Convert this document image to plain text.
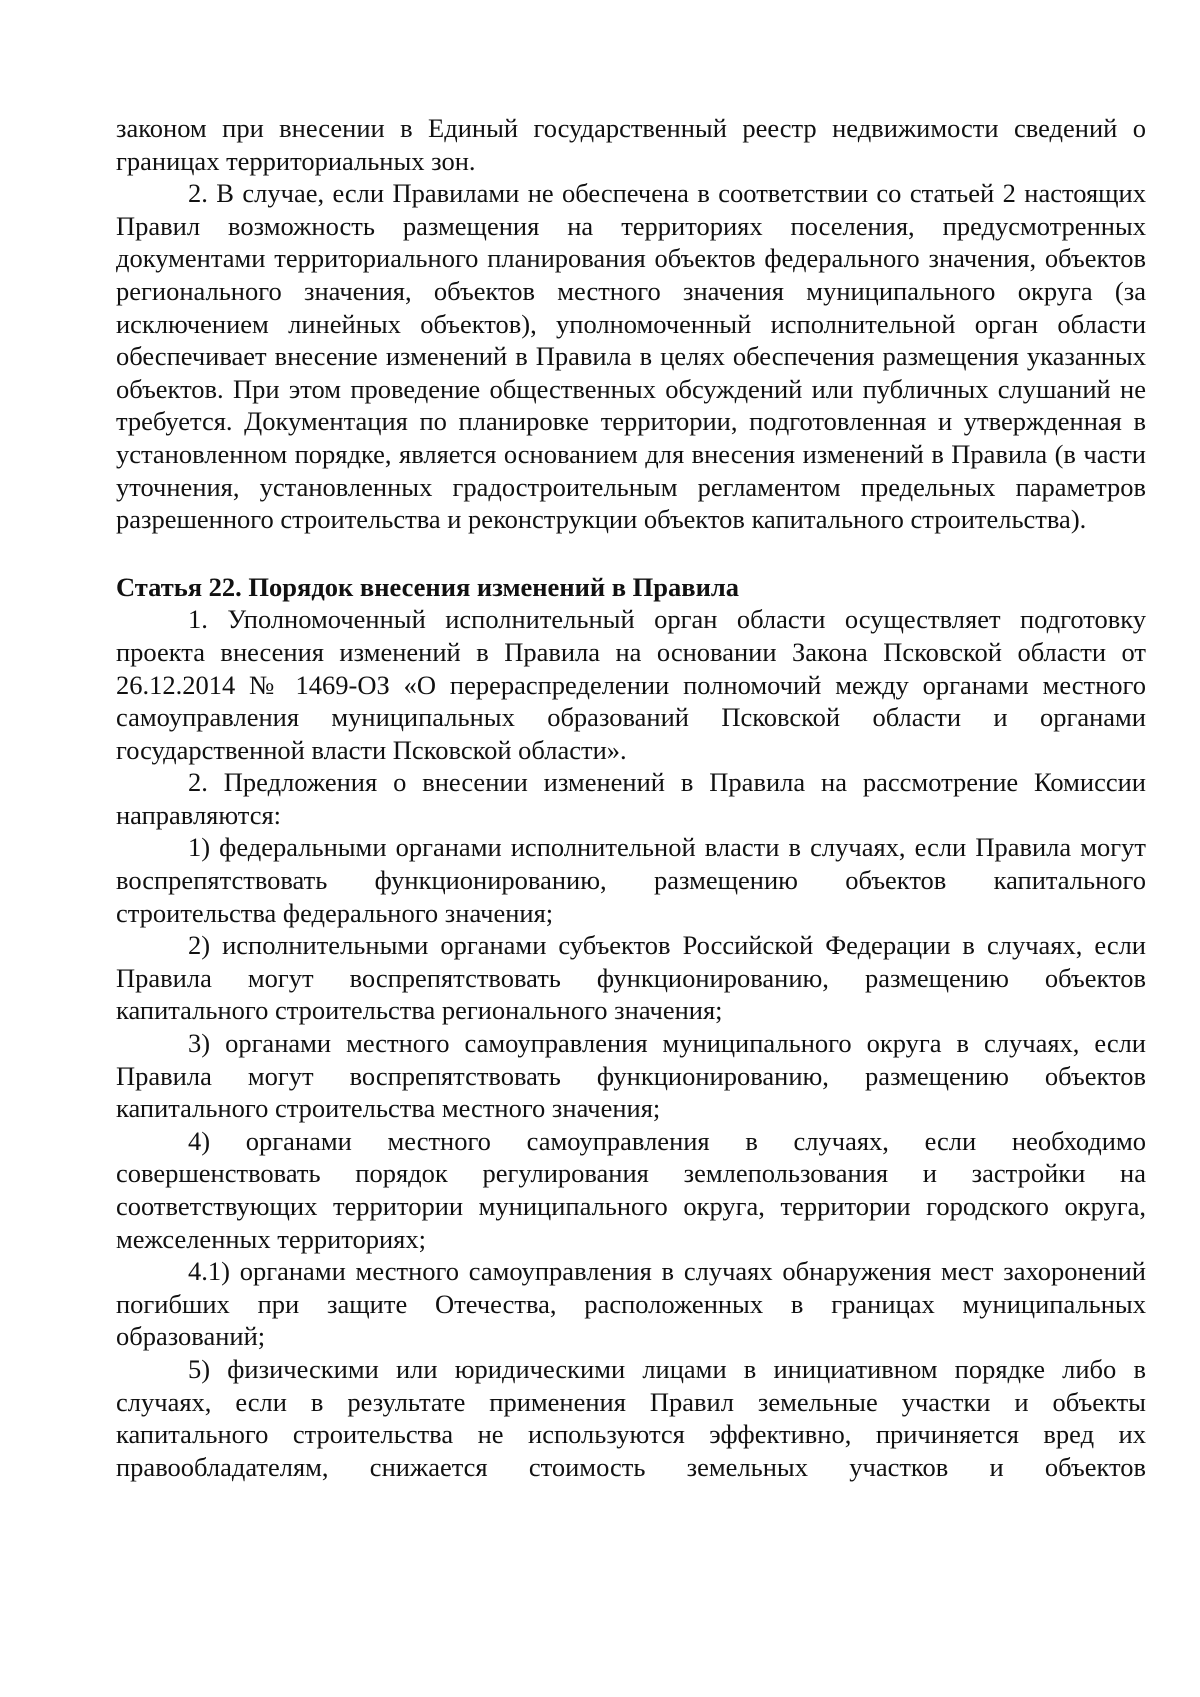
законом при внесении в Единый государственный реестр недвижимости сведений о границах территориальных зон.

2. В случае, если Правилами не обеспечена в соответствии со статьей 2 настоящих Правил возможность размещения на территориях поселения, предусмотренных документами территориального планирования объектов федерального значения, объектов регионального значения, объектов местного значения муниципального округа (за исключением линейных объектов), уполномоченный исполнительной орган области обеспечивает внесение изменений в Правила в целях обеспечения размещения указанных объектов. При этом проведение общественных обсуждений или публичных слушаний не требуется. Документация по планировке территории, подготовленная и утвержденная в установленном порядке, является основанием для внесения изменений в Правила (в части уточнения, установленных градостроительным регламентом предельных параметров разрешенного строительства и реконструкции объектов капитального строительства).

Статья 22. Порядок внесения изменений в Правила

1. Уполномоченный исполнительный орган области осуществляет подготовку проекта внесения изменений в Правила на основании Закона Псковской области от 26.12.2014 № 1469-ОЗ «О перераспределении полномочий между органами местного самоуправления муниципальных образований Псковской области и органами государственной власти Псковской области».

2. Предложения о внесении изменений в Правила на рассмотрение Комиссии направляются:

1) федеральными органами исполнительной власти в случаях, если Правила могут воспрепятствовать функционированию, размещению объектов капитального строительства федерального значения;

2) исполнительными органами субъектов Российской Федерации в случаях, если Правила могут воспрепятствовать функционированию, размещению объектов капитального строительства регионального значения;

3) органами местного самоуправления муниципального округа в случаях, если Правила могут воспрепятствовать функционированию, размещению объектов капитального строительства местного значения;

4) органами местного самоуправления в случаях, если необходимо совершенствовать порядок регулирования землепользования и застройки на соответствующих территории муниципального округа, территории городского округа, межселенных территориях;

4.1) органами местного самоуправления в случаях обнаружения мест захоронений погибших при защите Отечества, расположенных в границах муниципальных образований;

5) физическими или юридическими лицами в инициативном порядке либо в случаях, если в результате применения Правил земельные участки и объекты капитального строительства не используются эффективно, причиняется вред их правообладателям, снижается стоимость земельных участков и объектов
